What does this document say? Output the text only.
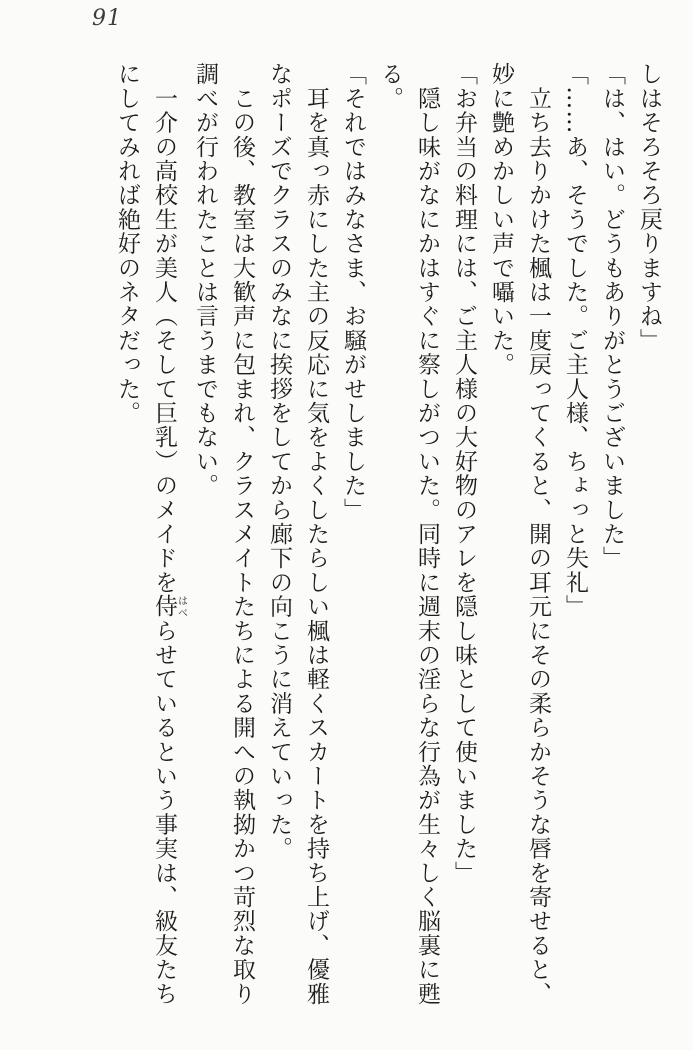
91

しはそろそろ戻りますね」

「は、はい。どうもありがとうございました」

「……あ、そうでした。ご主人様、ちょっと失礼」

　立ち去りかけた楓は一度戻ってくると、開の耳元にその柔らかそうな唇を寄せると、妙に艶めかしい声で囁いた。

「お弁当の料理には、ご主人様の大好物のアレを隠し味として使いました」

　隠し味がなにかはすぐに察しがついた。同時に週末の淫らな行為が生々しく脳裏に甦る。

「それではみなさま、お騒がせしました」

　耳を真っ赤にした主の反応に気をよくしたらしい楓は軽くスカートを持ち上げ、優雅なポーズでクラスのみなに挨拶をしてから廊下の向こうに消えていった。

　この後、教室は大歓声に包まれ、クラスメイトたちによる開への執拗かつ苛烈な取り調べが行われたことは言うまでもない。

　一介の高校生が美人（そして巨乳）のメイドを侍はべらせているという事実は、級友たちにしてみれば絶好のネタだった。
